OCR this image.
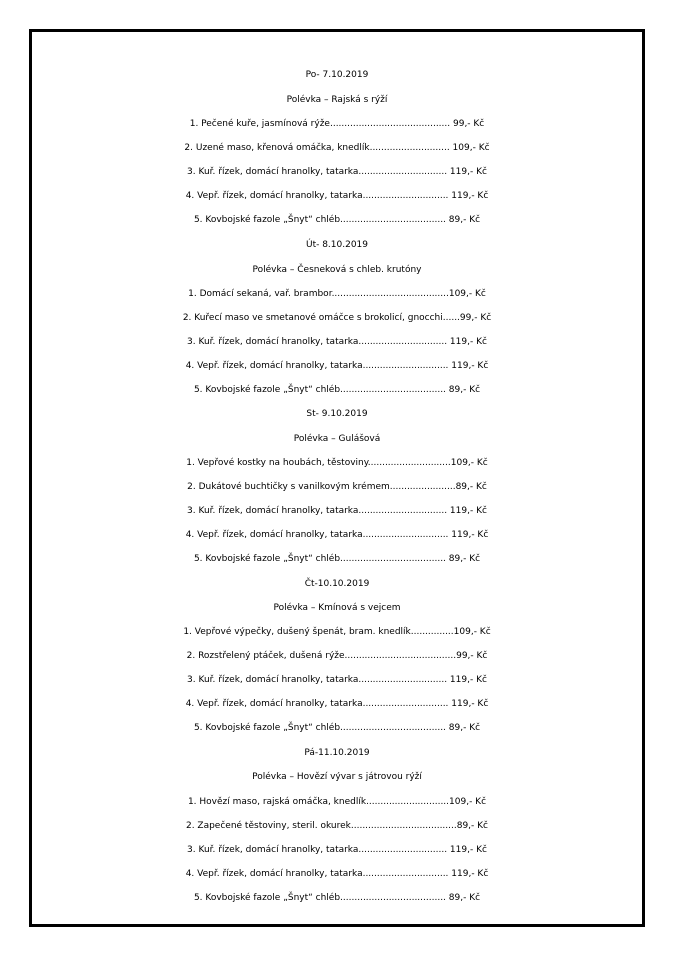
Po- 7.10.2019
Polévka – Rajská s rýží
1. Pečené kuře, jasmínová rýže.......................................... 99,- Kč
2. Uzené maso, křenová omáčka, knedlík............................ 109,- Kč
3. Kuř. řízek, domácí hranolky, tatarka............................... 119,- Kč
4. Vepř. řízek, domácí hranolky, tatarka.............................. 119,- Kč
5. Kovbojské fazole „Šnyt“ chléb..................................... 89,- Kč
Út- 8.10.2019
Polévka – Česneková s chleb. krutóny
1. Domácí sekaná, vař. brambor.........................................109,- Kč
2. Kuřecí maso ve smetanové omáčce s brokolicí, gnocchi......99,- Kč
3. Kuř. řízek, domácí hranolky, tatarka............................... 119,- Kč
4. Vepř. řízek, domácí hranolky, tatarka.............................. 119,- Kč
5. Kovbojské fazole „Šnyt“ chléb..................................... 89,- Kč
St- 9.10.2019
Polévka – Gulášová
1. Vepřové kostky na houbách, těstoviny.............................109,- Kč
2. Dukátové buchtičky s vanilkovým krémem.......................89,- Kč
3. Kuř. řízek, domácí hranolky, tatarka............................... 119,- Kč
4. Vepř. řízek, domácí hranolky, tatarka.............................. 119,- Kč
5. Kovbojské fazole „Šnyt“ chléb..................................... 89,- Kč
Čt-10.10.2019
Polévka – Kmínová s vejcem
1. Vepřové výpečky, dušený špenát, bram. knedlík...............109,- Kč
2. Rozstřelený ptáček, dušená rýže.......................................99,- Kč
3. Kuř. řízek, domácí hranolky, tatarka............................... 119,- Kč
4. Vepř. řízek, domácí hranolky, tatarka.............................. 119,- Kč
5. Kovbojské fazole „Šnyt“ chléb..................................... 89,- Kč
Pá-11.10.2019
Polévka – Hovězí vývar s játrovou rýží
1. Hovězí maso, rajská omáčka, knedlík.............................109,- Kč
2. Zapečené těstoviny, steril. okurek.....................................89,- Kč
3. Kuř. řízek, domácí hranolky, tatarka............................... 119,- Kč
4. Vepř. řízek, domácí hranolky, tatarka.............................. 119,- Kč
5. Kovbojské fazole „Šnyt“ chléb..................................... 89,- Kč
